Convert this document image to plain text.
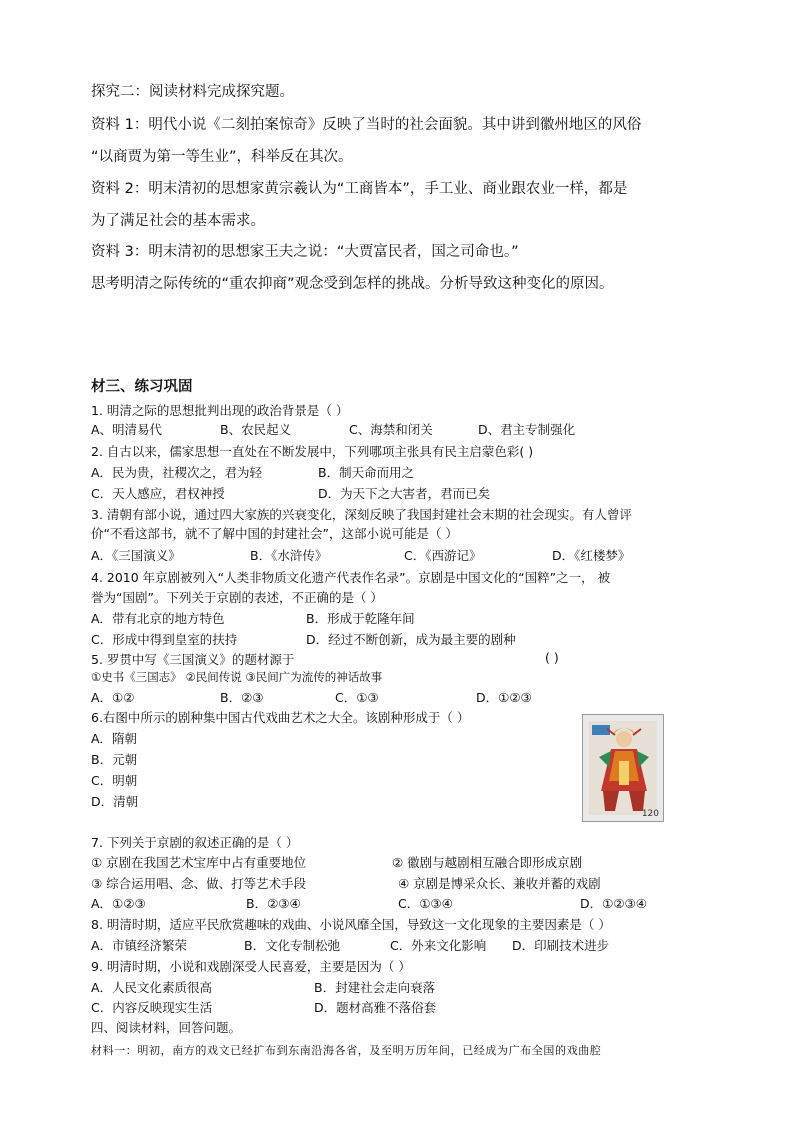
探究二：阅读材料完成探究题。
资料 1：明代小说《二刻拍案惊奇》反映了当时的社会面貌。其中讲到徽州地区的风俗
“以商贾为第一等生业”，科举反在其次。
资料 2：明末清初的思想家黄宗羲认为“工商皆本”，手工业、商业跟农业一样，都是
为了满足社会的基本需求。
资料 3：明末清初的思想家王夫之说：“大贾富民者，国之司命也。”
思考明清之际传统的“重农抑商”观念受到怎样的挑战。分析导致这种变化的原因。
材三、练习巩固
1. 明清之际的思想批判出现的政治背景是（ ）
A、明清易代	B、农民起义	C、海禁和闭关	D、君主专制强化
2. 自古以来，儒家思想一直处在不断发展中，下列哪项主张具有民主启蒙色彩( )
A．民为贵，社稷次之，君为轻	B．制天命而用之
C．天人感应，君权神授	D．为天下之大害者，君而已矣
3. 清朝有部小说，通过四大家族的兴衰变化，深刻反映了我国封建社会末期的社会现实。有人曾评
价“不看这部书，就不了解中国的封建社会”，这部小说可能是（ ）
A．《三国演义》	B．《水浒传》	C．《西游记》	D．《红楼梦》
4. 2010 年京剧被列入“人类非物质文化遗产代表作名录”。京剧是中国文化的“国粹”之一， 被
誉为“国剧”。下列关于京剧的表述，不正确的是（ ）
A．带有北京的地方特色	B．形成于乾隆年间
C．形成中得到皇室的扶持	D．经过不断创新，成为最主要的剧种
5. 罗贯中写《三国演义》的题材源于	( )
①史书《三国志》 ②民间传说 ③民间广为流传的神话故事
A．①②	B．②③	C．①③	D．①②③
6.右图中所示的剧种集中国古代戏曲艺术之大全。该剧种形成于（ ）
A．隋朝
B．元朝
C．明朝
D．清朝
120
7. 下列关于京剧的叙述正确的是（ ）
① 京剧在我国艺术宝库中占有重要地位	② 徽剧与越剧相互融合即形成京剧
③ 综合运用唱、念、做、打等艺术手段	④ 京剧是博采众长、兼收并蓄的戏剧
A．①②③	B．②③④	C．①③④	D．①②③④
8. 明清时期，适应平民欣赏趣味的戏曲、小说风靡全国，导致这一文化现象的主要因素是（ ）
A．市镇经济繁荣	B．文化专制松弛	C．外来文化影响 D．印刷技术进步
9. 明清时期，小说和戏剧深受人民喜爱，主要是因为（ ）
A．人民文化素质很高	B．封建社会走向衰落
C．内容反映现实生活	D．题材高雅不落俗套
四、阅读材料，回答问题。
材料一：明初，南方的戏文已经扩布到东南沿海各省，及至明万历年间，已经成为广布全国的戏曲腔
